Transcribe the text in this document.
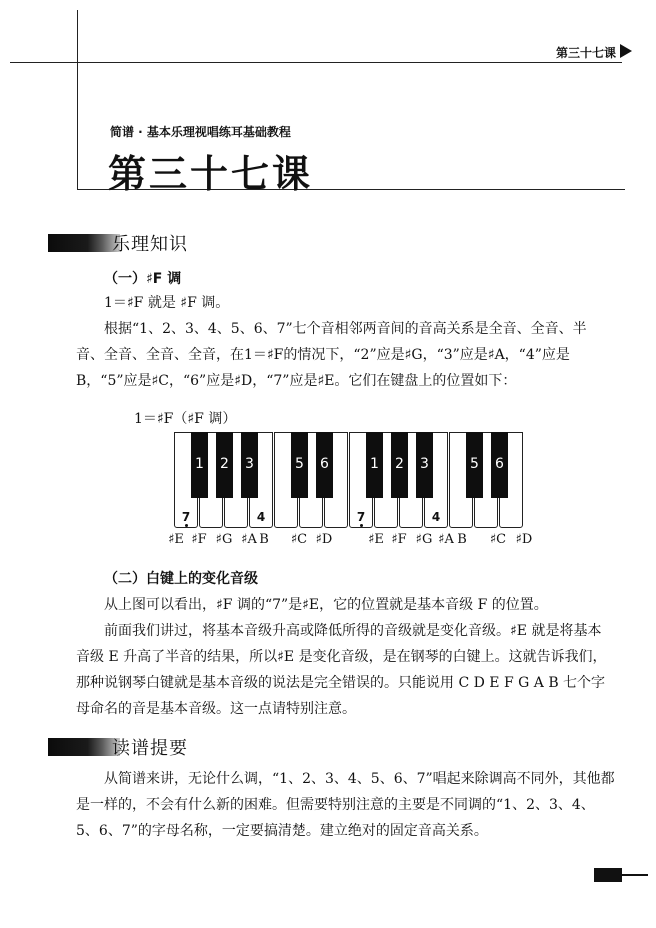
第三十七课
简谱 · 基本乐理视唱练耳基础教程
第三十七课
乐理知识
（一）♯F 调
1＝♯F 就是 ♯F 调。
根据“1、2、3、4、5、6、7”七个音相邻两音间的音高关系是全音、全音、半音、全音、全音、全音，在1＝♯F的情况下，“2”应是♯G，“3”应是♯A，“4”应是B，“5”应是♯C，“6”应是♯D，“7”应是♯E。它们在键盘上的位置如下：
1＝♯F（♯F 调）
1 2 3	5 6	1 2 3	5 6
7	4	7	4
♯E ♯F ♯G ♯A B	♯C ♯D	♯E ♯F ♯G ♯A B	♯C ♯D
（二）白键上的变化音级
从上图可以看出，♯F 调的“7”是♯E，它的位置就是基本音级 F 的位置。
前面我们讲过，将基本音级升高或降低所得的音级就是变化音级。♯E 就是将基本音级 E 升高了半音的结果，所以♯E 是变化音级，是在钢琴的白键上。这就告诉我们，那种说钢琴白键就是基本音级的说法是完全错误的。只能说用 C D E F G A B 七个字母命名的音是基本音级。这一点请特别注意。
读谱提要
从简谱来讲，无论什么调，“1、2、3、4、5、6、7”唱起来除调高不同外，其他都是一样的，不会有什么新的困难。但需要特别注意的主要是不同调的“1、2、3、4、5、6、7”的字母名称，一定要搞清楚。建立绝对的固定音高关系。
